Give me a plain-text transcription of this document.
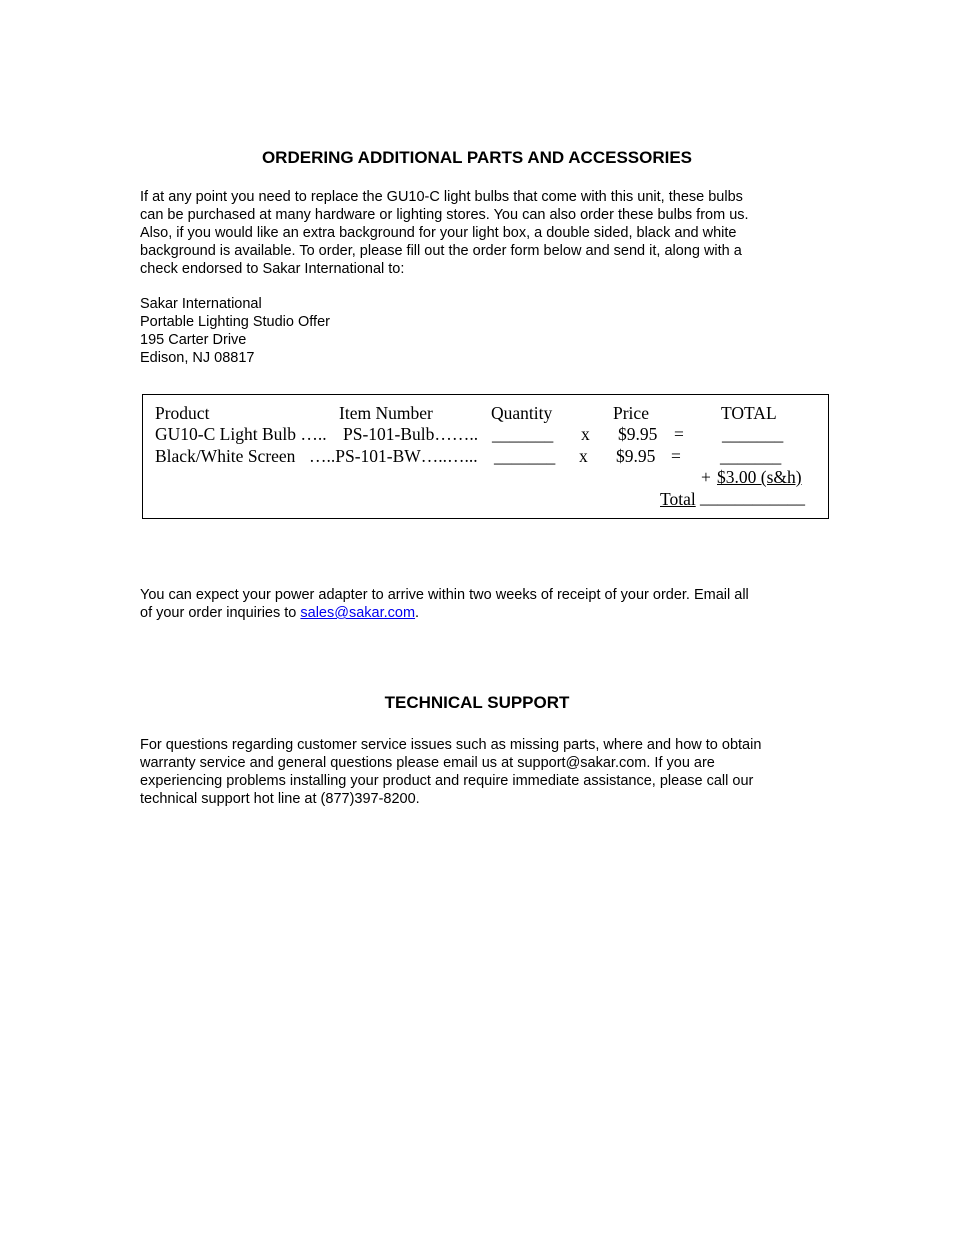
ORDERING ADDITIONAL PARTS AND ACCESSORIES
If at any point you need to replace the GU10-C light bulbs that come with this unit, these bulbs
can be purchased at many hardware or lighting stores. You can also order these bulbs from us.
Also, if you would like an extra background for your light box, a double sided, black and white
background is available. To order, please fill out the order form below and send it, along with a
check endorsed to Sakar International to:
Sakar International
Portable Lighting Studio Offer
195 Carter Drive
Edison, NJ 08817
Product	Item Number	Quantity	Price	TOTAL
GU10-C Light Bulb ….. PS-101-Bulb…….. _______ x $9.95 = _______
Black/White Screen …..PS-101-BW…..…... _______ x $9.95 = _______
+ $3.00 (s&h)
Total ____________
You can expect your power adapter to arrive within two weeks of receipt of your order. Email all
of your order inquiries to sales@sakar.com.
TECHNICAL SUPPORT
For questions regarding customer service issues such as missing parts, where and how to obtain
warranty service and general questions please email us at support@sakar.com. If you are
experiencing problems installing your product and require immediate assistance, please call our
technical support hot line at (877)397-8200.
